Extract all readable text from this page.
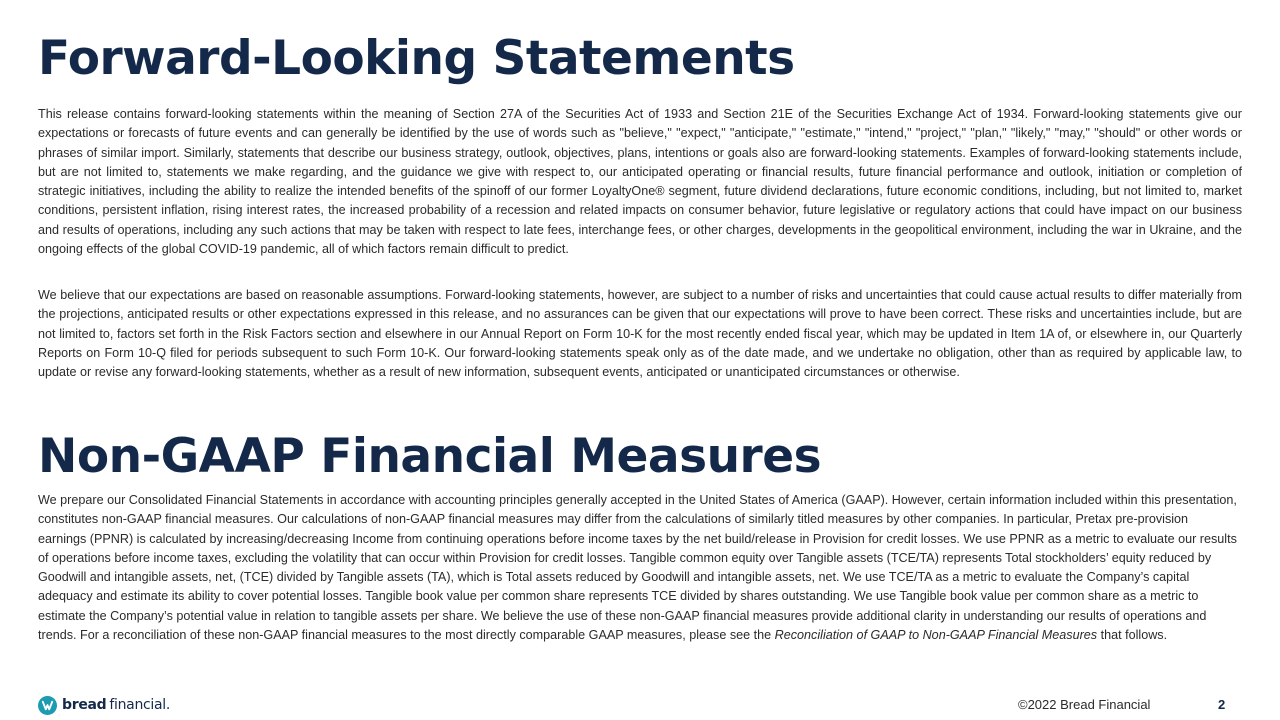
Forward-Looking Statements

This release contains forward-looking statements within the meaning of Section 27A of the Securities Act of 1933 and Section 21E of the Securities Exchange Act of 1934. Forward-looking statements give our expectations or forecasts of future events and can generally be identified by the use of words such as "believe," "expect," "anticipate," "estimate," "intend," "project," "plan," "likely," "may," "should" or other words or phrases of similar import. Similarly, statements that describe our business strategy, outlook, objectives, plans, intentions or goals also are forward-looking statements. Examples of forward-looking statements include, but are not limited to, statements we make regarding, and the guidance we give with respect to, our anticipated operating or financial results, future financial performance and outlook, initiation or completion of strategic initiatives, including the ability to realize the intended benefits of the spinoff of our former LoyaltyOne® segment, future dividend declarations, future economic conditions, including, but not limited to, market conditions, persistent inflation, rising interest rates, the increased probability of a recession and related impacts on consumer behavior, future legislative or regulatory actions that could have impact on our business and results of operations, including any such actions that may be taken with respect to late fees, interchange fees, or other charges, developments in the geopolitical environment, including the war in Ukraine, and the ongoing effects of the global COVID-19 pandemic, all of which factors remain difficult to predict.

We believe that our expectations are based on reasonable assumptions. Forward-looking statements, however, are subject to a number of risks and uncertainties that could cause actual results to differ materially from the projections, anticipated results or other expectations expressed in this release, and no assurances can be given that our expectations will prove to have been correct. These risks and uncertainties include, but are not limited to, factors set forth in the Risk Factors section and elsewhere in our Annual Report on Form 10-K for the most recently ended fiscal year, which may be updated in Item 1A of, or elsewhere in, our Quarterly Reports on Form 10-Q filed for periods subsequent to such Form 10-K. Our forward-looking statements speak only as of the date made, and we undertake no obligation, other than as required by applicable law, to update or revise any forward-looking statements, whether as a result of new information, subsequent events, anticipated or unanticipated circumstances or otherwise.

Non-GAAP Financial Measures

We prepare our Consolidated Financial Statements in accordance with accounting principles generally accepted in the United States of America (GAAP). However, certain information included within this presentation, constitutes non-GAAP financial measures. Our calculations of non-GAAP financial measures may differ from the calculations of similarly titled measures by other companies. In particular, Pretax pre-provision earnings (PPNR) is calculated by increasing/decreasing Income from continuing operations before income taxes by the net build/release in Provision for credit losses. We use PPNR as a metric to evaluate our results of operations before income taxes, excluding the volatility that can occur within Provision for credit losses. Tangible common equity over Tangible assets (TCE/TA) represents Total stockholders’ equity reduced by Goodwill and intangible assets, net, (TCE) divided by Tangible assets (TA), which is Total assets reduced by Goodwill and intangible assets, net. We use TCE/TA as a metric to evaluate the Company’s capital adequacy and estimate its ability to cover potential losses. Tangible book value per common share represents TCE divided by shares outstanding. We use Tangible book value per common share as a metric to estimate the Company’s potential value in relation to tangible assets per share. We believe the use of these non-GAAP financial measures provide additional clarity in understanding our results of operations and trends. For a reconciliation of these non-GAAP financial measures to the most directly comparable GAAP measures, please see the Reconciliation of GAAP to Non-GAAP Financial Measures that follows.

bread financial.	©2022 Bread Financial	2
